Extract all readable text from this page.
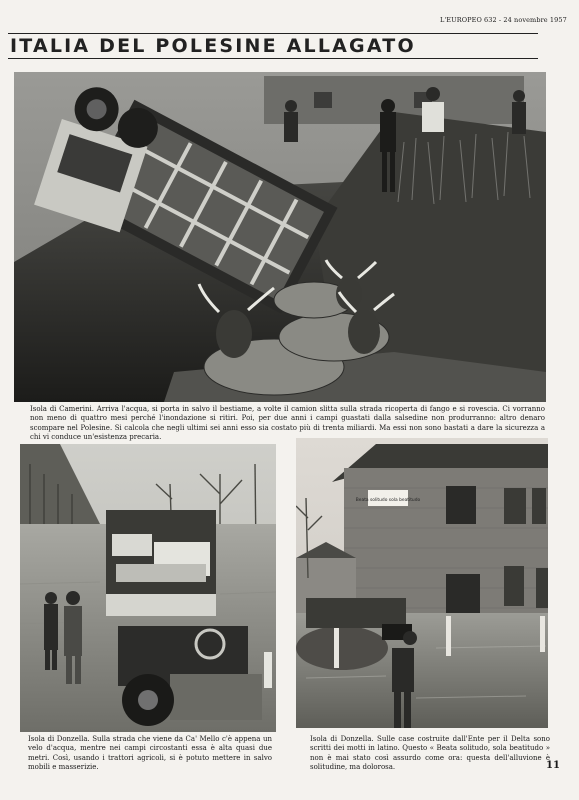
L'EUROPEO 632 - 24 novembre 1957
ITALIA DEL POLESINE ALLAGATO
Isola di Camerini. Arriva l'acqua, si porta in salvo il bestiame, a volte il camion slitta sulla strada ricoperta di fango e si rovescia. Ci vorranno non meno di quattro mesi perché l'inondazione si ritiri. Poi, per due anni i campi guastati dalla salsedine non produrranno: altro denaro scompare nel Polesine. Si calcola che negli ultimi sei anni esso sia costato più di trenta miliardi. Ma essi non sono bastati a dare la sicurezza a chi vi conduce un'esistenza precaria.
Isola di Donzella. Sulla strada che viene da Ca' Mello c'è appena un velo d'acqua, mentre nei campi circostanti essa è alta quasi due metri. Così, usando i trattori agricoli, si è potuto mettere in salvo mobili e masserizie.
Beata solitudo sola beatitudo
Isola di Donzella. Sulle case costruite dall'Ente per il Delta sono scritti dei motti in latino. Questo « Beata solitudo, sola beatitudo » non è mai stato così assurdo come ora: questa dell'alluvione è solitudine, ma dolorosa.	11
